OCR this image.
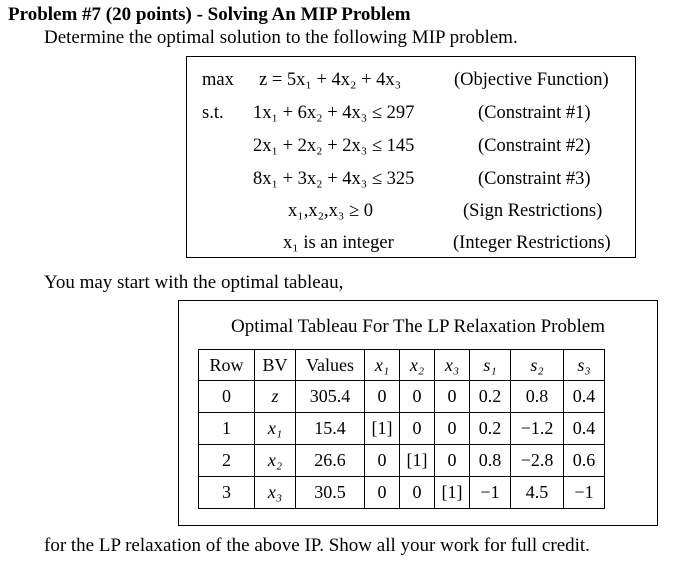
Problem #7 (20 points) - Solving An MIP Problem
Determine the optimal solution to the following MIP problem.
max z = 5x₁ + 4x₂ + 4x₃	(Objective Function)
s.t. 1x₁ + 6x₂ + 4x₃ ≤ 297	(Constraint #1)
2x₁ + 2x₂ + 2x₃ ≤ 145	(Constraint #2)
8x₁ + 3x₂ + 4x₃ ≤ 325	(Constraint #3)
x₁,x₂,x₃ ≥ 0	(Sign Restrictions)
x₁ is an integer	(Integer Restrictions)
You may start with the optimal tableau,
Optimal Tableau For The LP Relaxation Problem
Row	BV	Values	x₁	x₂	x₃	s₁	s₂	s₃
0	z	305.4	0	0	0	0.2	0.8	0.4
1	x₁	15.4	[1]	0	0	0.2	−1.2	0.4
2	x₂	26.6	0	[1]	0	0.8	−2.8	0.6
3	x₃	30.5	0	0	[1]	−1	4.5	−1
for the LP relaxation of the above IP. Show all your work for full credit.
